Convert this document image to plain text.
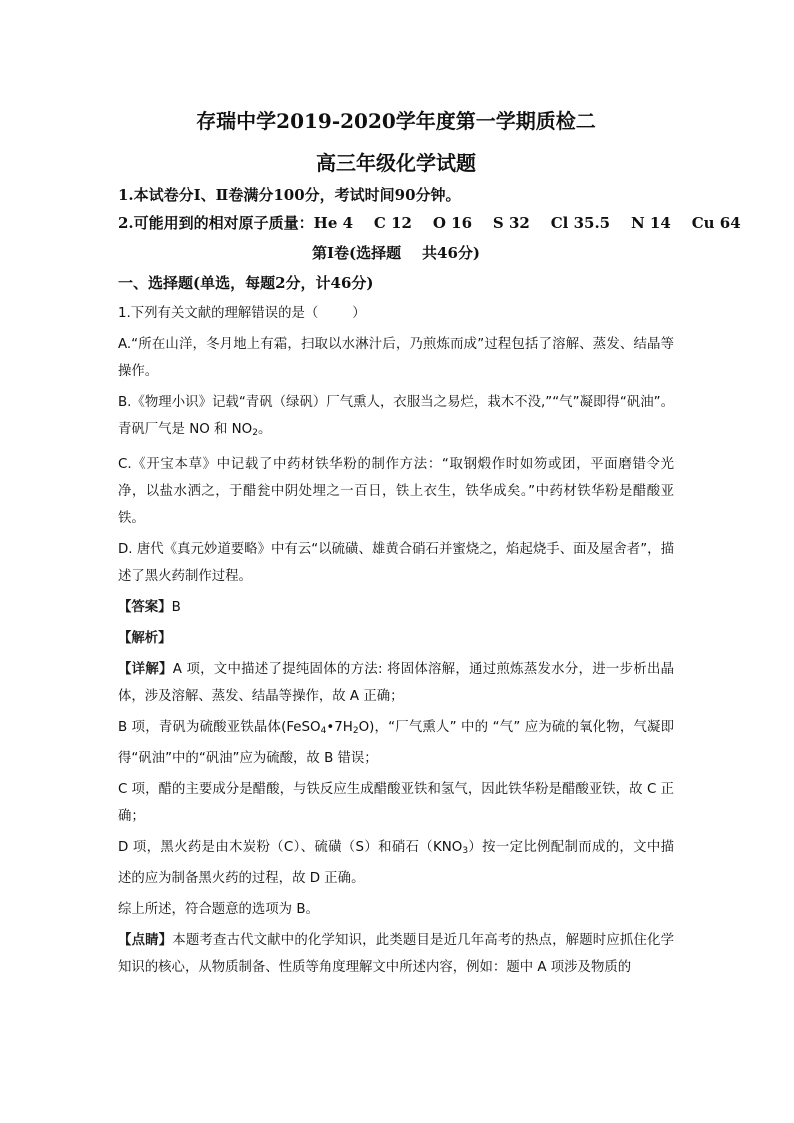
存瑞中学2019-2020学年度第一学期质检二
高三年级化学试题

1.本试卷分Ⅰ、Ⅱ卷满分100分，考试时间90分钟。

2.可能用到的相对原子质量：He 4    C 12    O 16    S 32    Cl 35.5    N 14    Cu 64

第Ⅰ卷(选择题    共46分)

一、选择题(单选，每题2分，计46分)

1.下列有关文献的理解错误的是（        ）

A.“所在山洋，冬月地上有霜，扫取以水淋汁后，乃煎炼而成”过程包括了溶解、蒸发、结晶等操作。

B.《物理小识》记载“青矾（绿矾）厂气熏人，衣服当之易烂，栽木不没,”“气”凝即得“矾油”。青矾厂气是 NO 和 $NO_2$。

C.《开宝本草》中记载了中药材铁华粉的制作方法：“取钢煅作时如笏或团，平面磨错令光净，以盐水洒之，于醋瓮中阴处埋之一百日，铁上衣生，铁华成矣。”中药材铁华粉是醋酸亚铁。

D. 唐代《真元妙道要略》中有云“以硫磺、雄黄合硝石并蜜烧之，焰起烧手、面及屋舍者”，描述了黑火药制作过程。

【答案】B

【解析】

【详解】A 项，文中描述了提纯固体的方法: 将固体溶解，通过煎炼蒸发水分，进一步析出晶体，涉及溶解、蒸发、结晶等操作，故 A 正确；

B 项，青矾为硫酸亚铁晶体$(FeSO_4•7H_2O)$，“厂气熏人” 中的 “气” 应为硫的氧化物，气凝即得“矾油”中的“矾油”应为硫酸，故 B 错误；

C 项，醋的主要成分是醋酸，与铁反应生成醋酸亚铁和氢气，因此铁华粉是醋酸亚铁，故 C 正确；

D 项，黑火药是由木炭粉（C）、硫磺（S）和硝石$(KNO_3)$按一定比例配制而成的，文中描述的应为制备黑火药的过程，故 D 正确。

综上所述，符合题意的选项为 B。

【点睛】本题考查古代文献中的化学知识，此类题目是近几年高考的热点，解题时应抓住化学知识的核心，从物质制备、性质等角度理解文中所述内容，例如：题中 A 项涉及物质的
